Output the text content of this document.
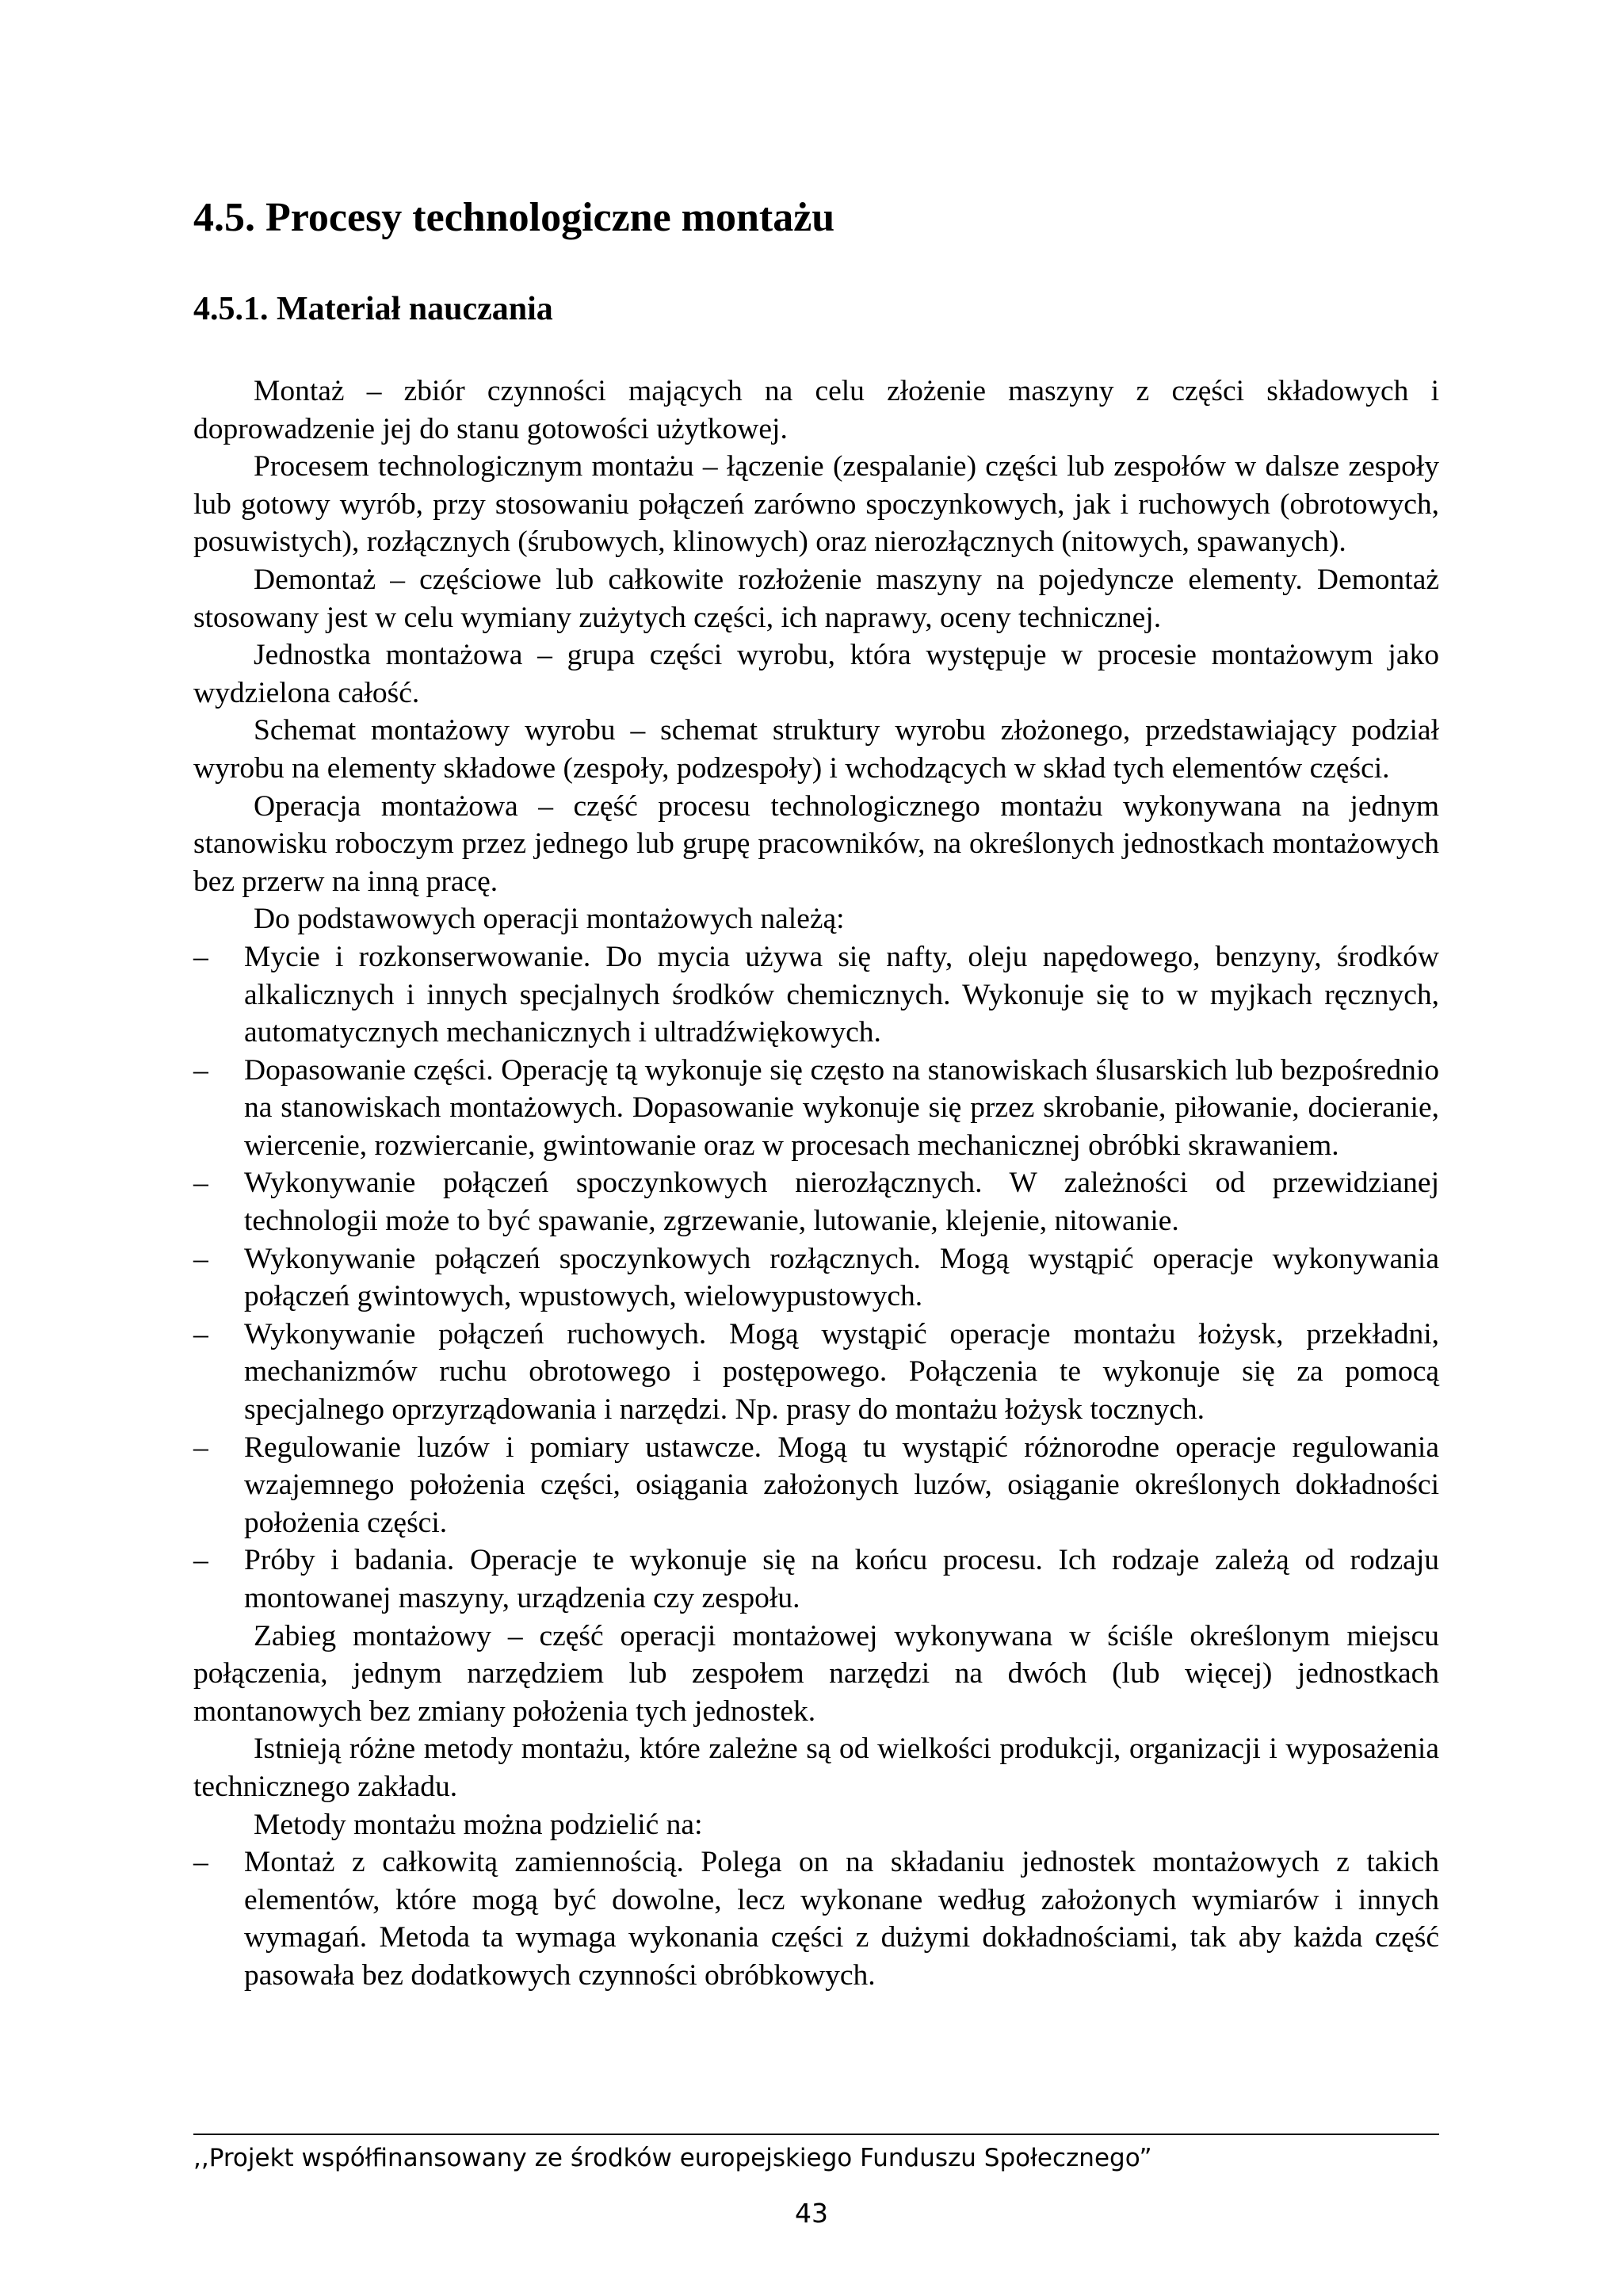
4.5. Procesy technologiczne montażu
4.5.1. Materiał nauczania

Montaż – zbiór czynności mających na celu złożenie maszyny z części składowych i doprowadzenie jej do stanu gotowości użytkowej.

Procesem technologicznym montażu – łączenie (zespalanie) części lub zespołów w dalsze zespoły lub gotowy wyrób, przy stosowaniu połączeń zarówno spoczynkowych, jak i ruchowych (obrotowych, posuwistych), rozłącznych (śrubowych, klinowych) oraz nierozłącznych (nitowych, spawanych).

Demontaż – częściowe lub całkowite rozłożenie maszyny na pojedyncze elementy. Demontaż stosowany jest w celu wymiany zużytych części, ich naprawy, oceny technicznej.

Jednostka montażowa – grupa części wyrobu, która występuje w procesie montażowym jako wydzielona całość.

Schemat montażowy wyrobu – schemat struktury wyrobu złożonego, przedstawiający podział wyrobu na elementy składowe (zespoły, podzespoły) i wchodzących w skład tych elementów części.

Operacja montażowa – część procesu technologicznego montażu wykonywana na jednym stanowisku roboczym przez jednego lub grupę pracowników, na określonych jednostkach montażowych bez przerw na inną pracę.

Do podstawowych operacji montażowych należą:

– Mycie i rozkonserwowanie. Do mycia używa się nafty, oleju napędowego, benzyny, środków alkalicznych i innych specjalnych środków chemicznych. Wykonuje się to w myjkach ręcznych, automatycznych mechanicznych i ultradźwiękowych.
– Dopasowanie części. Operację tą wykonuje się często na stanowiskach ślusarskich lub bezpośrednio na stanowiskach montażowych. Dopasowanie wykonuje się przez skrobanie, piłowanie, docieranie, wiercenie, rozwiercanie, gwintowanie oraz w procesach mechanicznej obróbki skrawaniem.
– Wykonywanie połączeń spoczynkowych nierozłącznych. W zależności od przewidzianej technologii może to być spawanie, zgrzewanie, lutowanie, klejenie, nitowanie.
– Wykonywanie połączeń spoczynkowych rozłącznych. Mogą wystąpić operacje wykonywania połączeń gwintowych, wpustowych, wielowypustowych.
– Wykonywanie połączeń ruchowych. Mogą wystąpić operacje montażu łożysk, przekładni, mechanizmów ruchu obrotowego i postępowego. Połączenia te wykonuje się za pomocą specjalnego oprzyrządowania i narzędzi. Np. prasy do montażu łożysk tocznych.
– Regulowanie luzów i pomiary ustawcze. Mogą tu wystąpić różnorodne operacje regulowania wzajemnego położenia części, osiągania założonych luzów, osiąganie określonych dokładności położenia części.
– Próby i badania. Operacje te wykonuje się na końcu procesu. Ich rodzaje zależą od rodzaju montowanej maszyny, urządzenia czy zespołu.

Zabieg montażowy – część operacji montażowej wykonywana w ściśle określonym miejscu połączenia, jednym narzędziem lub zespołem narzędzi na dwóch (lub więcej) jednostkach montanowych bez zmiany położenia tych jednostek.

Istnieją różne metody montażu, które zależne są od wielkości produkcji, organizacji i wyposażenia technicznego zakładu.

Metody montażu można podzielić na:

– Montaż z całkowitą zamiennością. Polega on na składaniu jednostek montażowych z takich elementów, które mogą być dowolne, lecz wykonane według założonych wymiarów i innych wymagań. Metoda ta wymaga wykonania części z dużymi dokładnościami, tak aby każda część pasowała bez dodatkowych czynności obróbkowych.
,,Projekt współfinansowany ze środków europejskiego Funduszu Społecznego”
43
